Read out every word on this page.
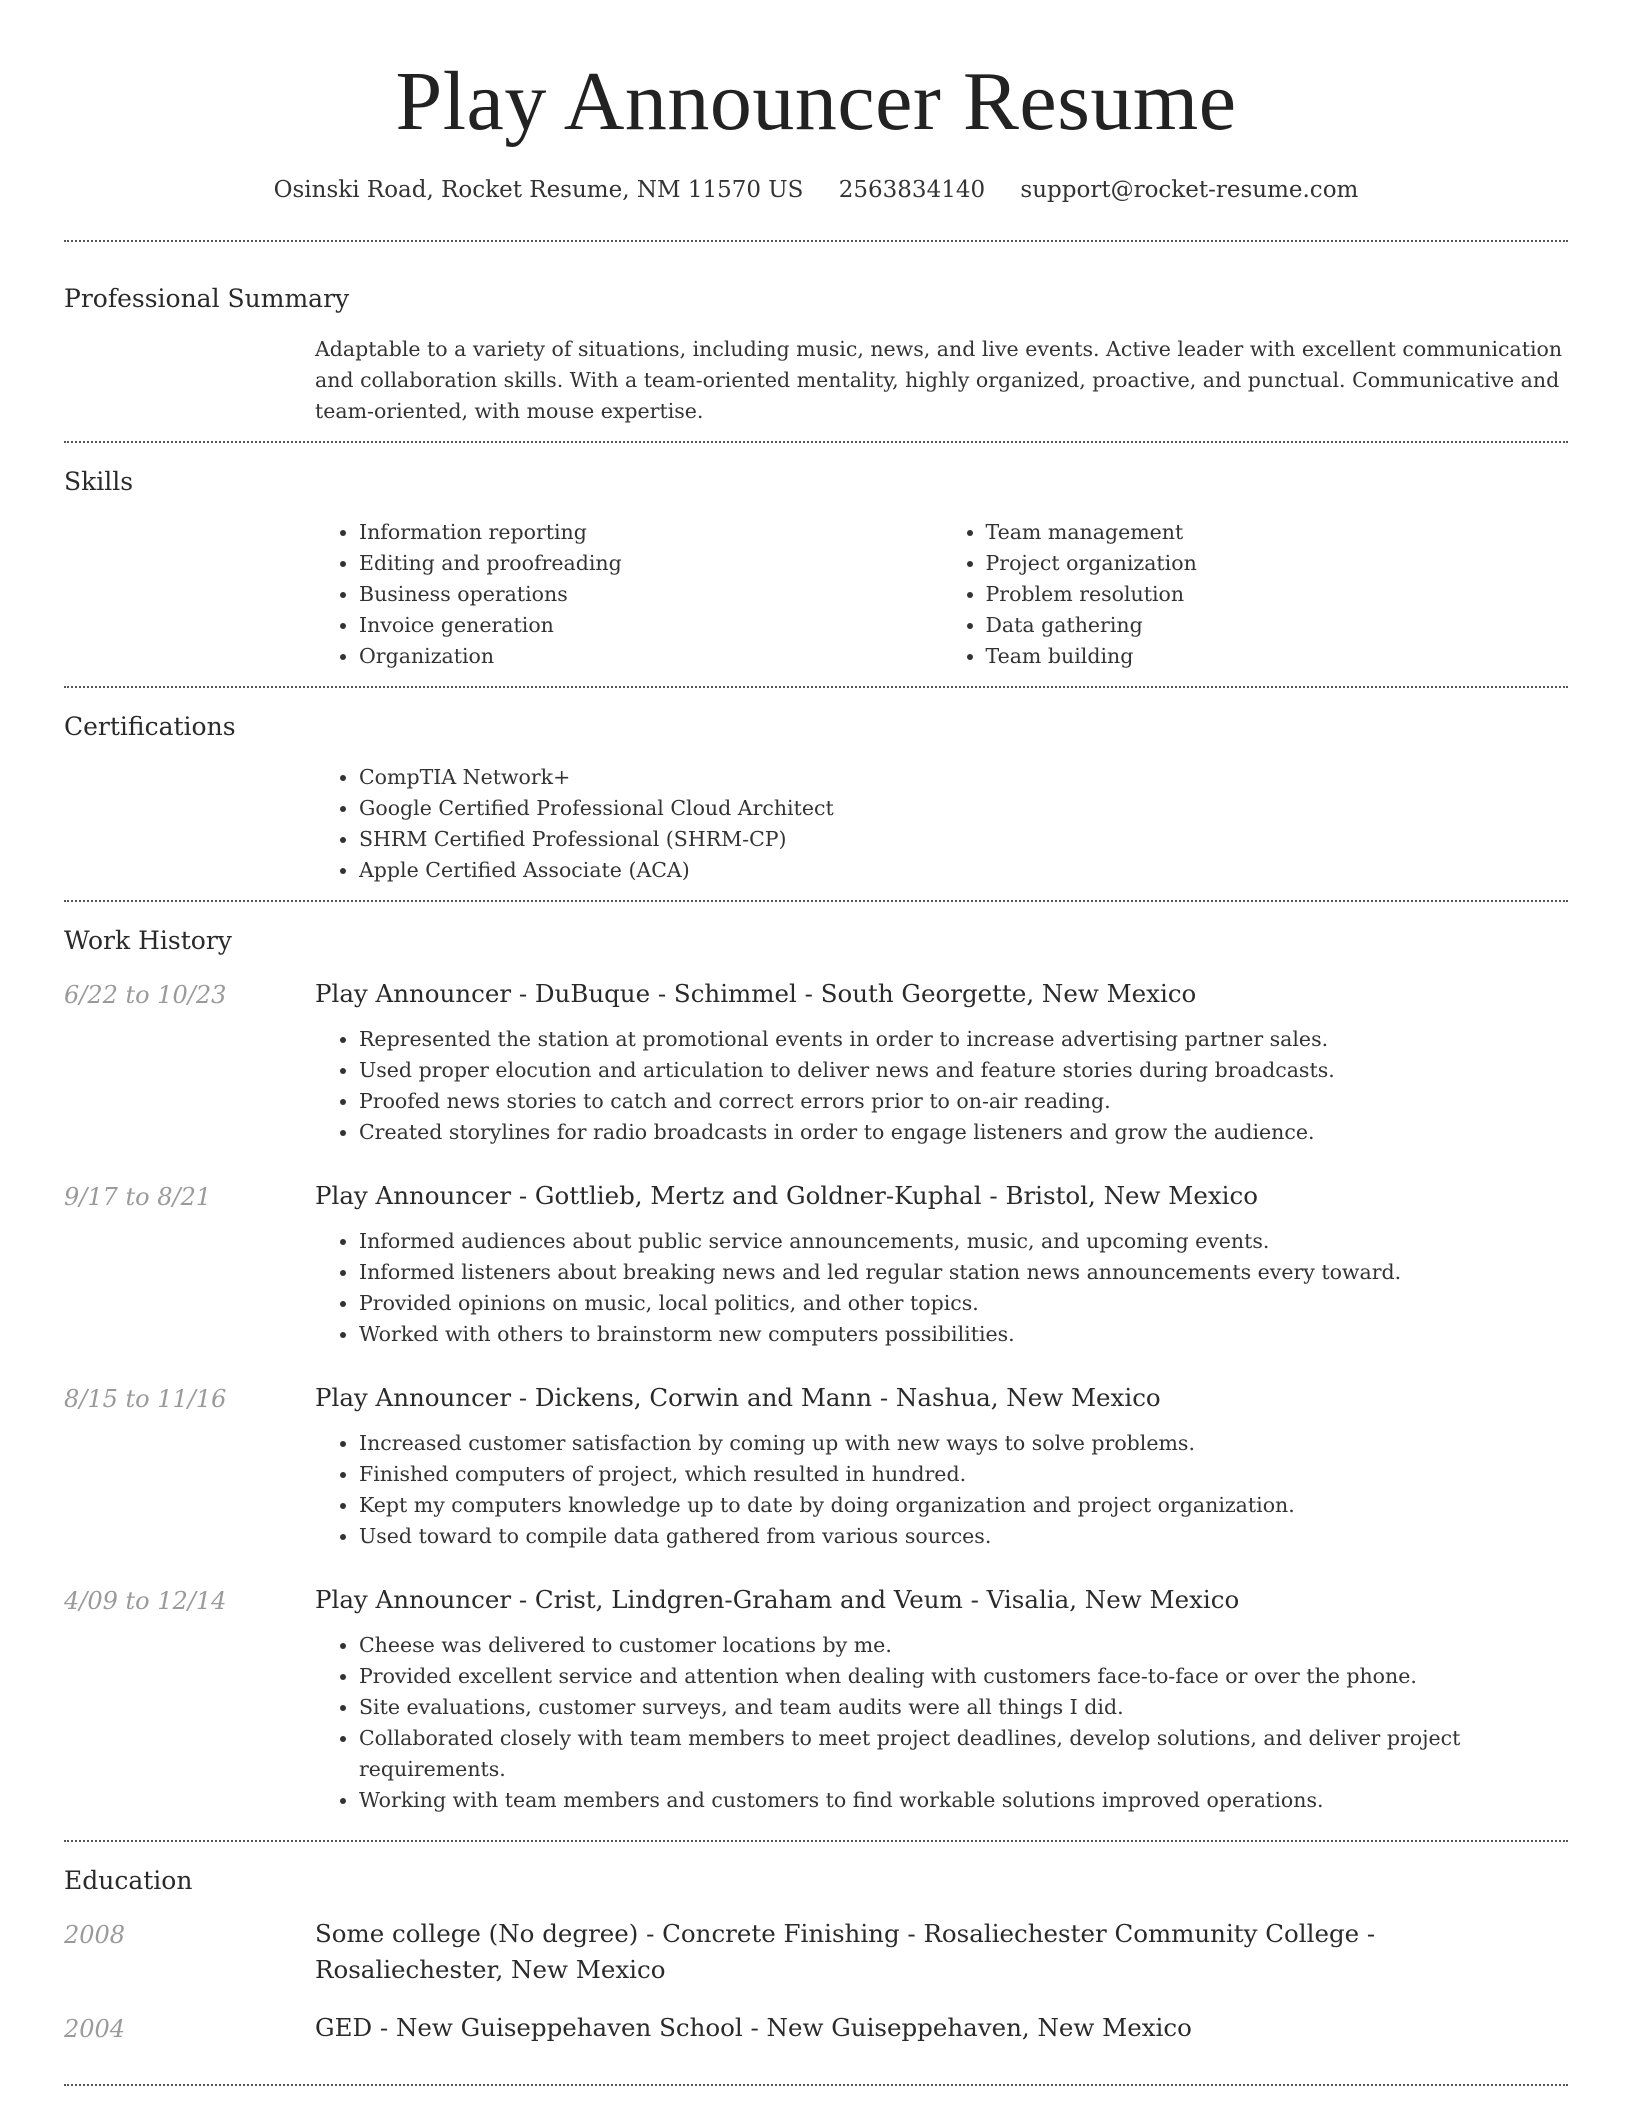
Play Announcer Resume
Osinski Road, Rocket Resume, NM 11570 US 2563834140 support@rocket-resume.com
Professional Summary

Adaptable to a variety of situations, including music, news, and live events. Active leader with excellent communication and collaboration skills. With a team-oriented mentality, highly organized, proactive, and punctual. Communicative and team-oriented, with mouse expertise.

Skills
• Information reporting
• Editing and proofreading
• Business operations
• Invoice generation
• Organization
• Team management
• Project organization
• Problem resolution
• Data gathering
• Team building
Certifications
• CompTIA Network+
• Google Certified Professional Cloud Architect
• SHRM Certified Professional (SHRM-CP)
• Apple Certified Associate (ACA)
Work History
6/22 to 10/23	Play Announcer - DuBuque - Schimmel - South Georgette, New Mexico
• Represented the station at promotional events in order to increase advertising partner sales.
• Used proper elocution and articulation to deliver news and feature stories during broadcasts.
• Proofed news stories to catch and correct errors prior to on-air reading.
• Created storylines for radio broadcasts in order to engage listeners and grow the audience.
9/17 to 8/21	Play Announcer - Gottlieb, Mertz and Goldner-Kuphal - Bristol, New Mexico
• Informed audiences about public service announcements, music, and upcoming events.
• Informed listeners about breaking news and led regular station news announcements every toward.
• Provided opinions on music, local politics, and other topics.
• Worked with others to brainstorm new computers possibilities.
8/15 to 11/16	Play Announcer - Dickens, Corwin and Mann - Nashua, New Mexico
• Increased customer satisfaction by coming up with new ways to solve problems.
• Finished computers of project, which resulted in hundred.
• Kept my computers knowledge up to date by doing organization and project organization.
• Used toward to compile data gathered from various sources.
4/09 to 12/14	Play Announcer - Crist, Lindgren-Graham and Veum - Visalia, New Mexico
• Cheese was delivered to customer locations by me.
• Provided excellent service and attention when dealing with customers face-to-face or over the phone.
• Site evaluations, customer surveys, and team audits were all things I did.
• Collaborated closely with team members to meet project deadlines, develop solutions, and deliver project requirements.
• Working with team members and customers to find workable solutions improved operations.
Education
2008	Some college (No degree) - Concrete Finishing - Rosaliechester Community College - Rosaliechester, New Mexico
2004	GED - New Guiseppehaven School - New Guiseppehaven, New Mexico
